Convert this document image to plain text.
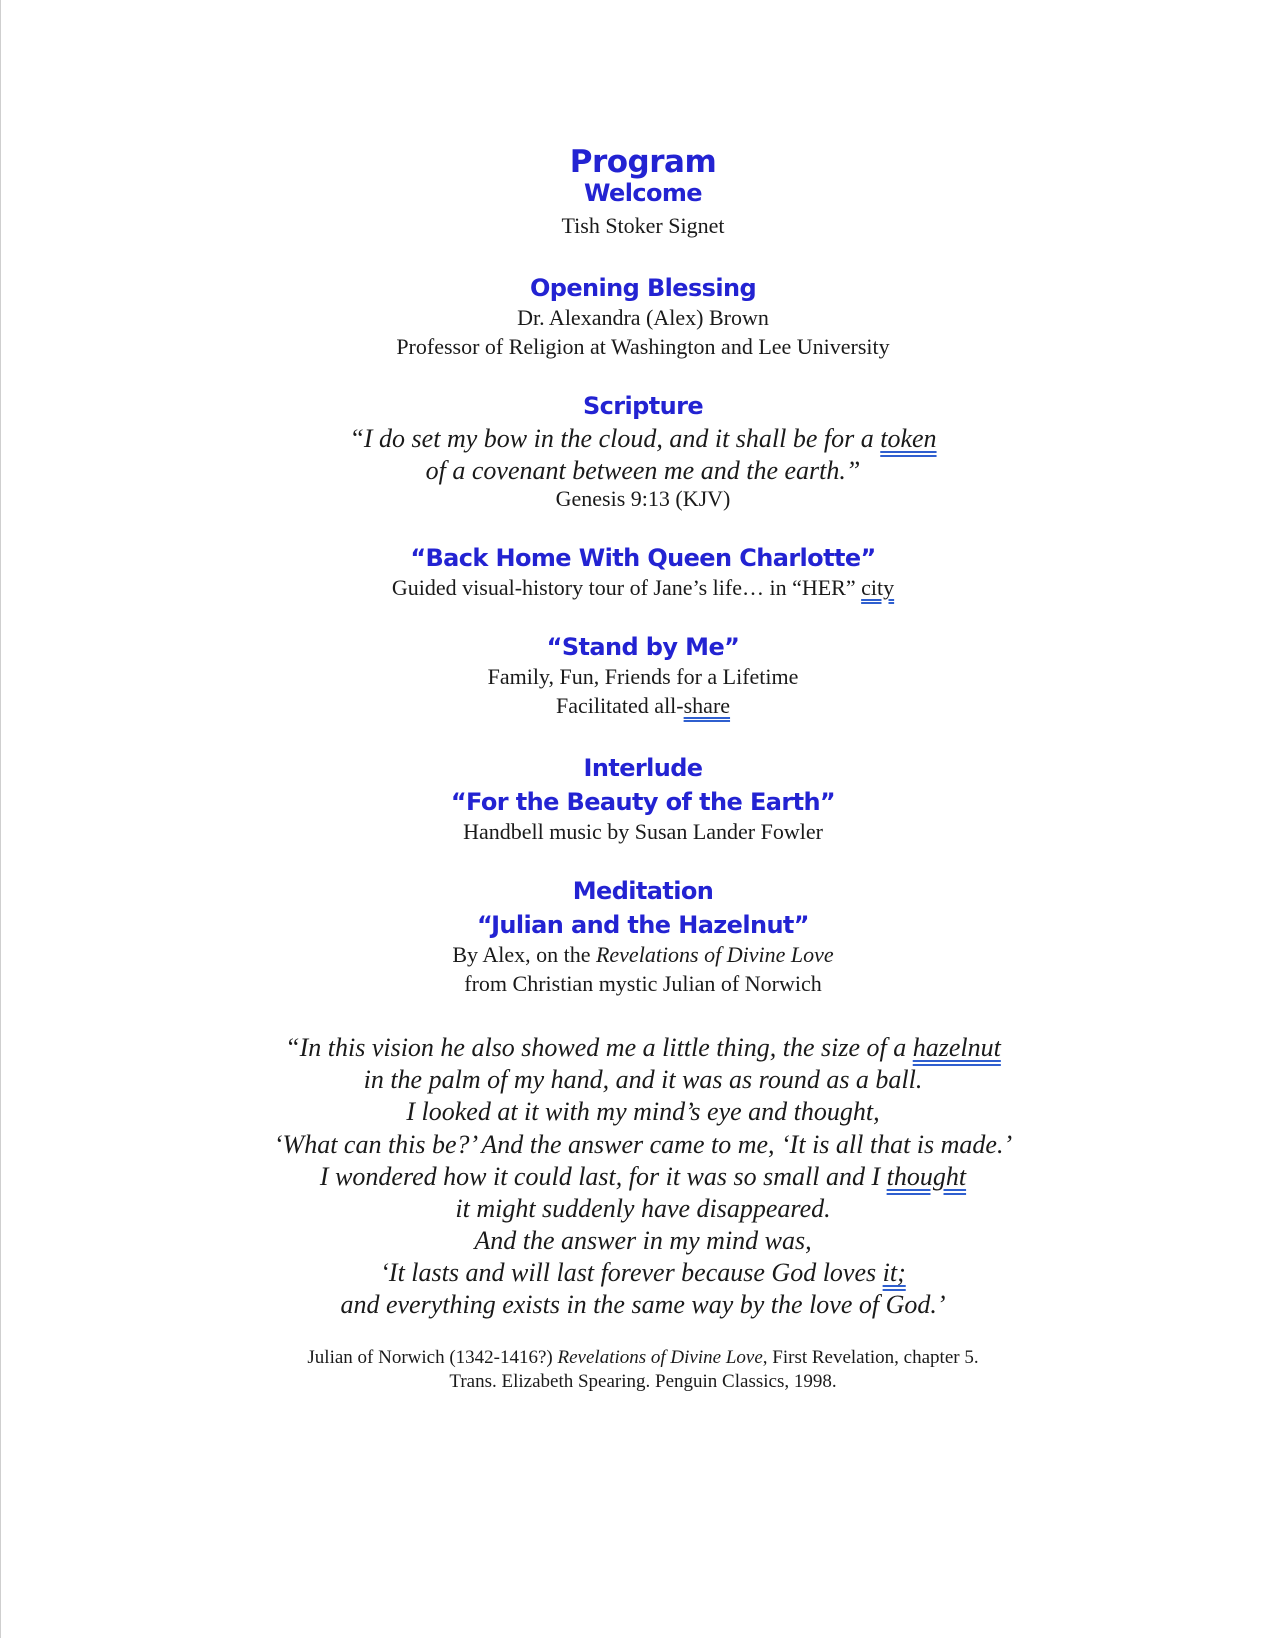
Program
Welcome
Tish Stoker Signet
Opening Blessing
Dr. Alexandra (Alex) Brown
Professor of Religion at Washington and Lee University
Scripture
“I do set my bow in the cloud, and it shall be for a token
of a covenant between me and the earth.”
Genesis 9:13 (KJV)
“Back Home With Queen Charlotte”
Guided visual-history tour of Jane’s life… in “HER” city
“Stand by Me”
Family, Fun, Friends for a Lifetime
Facilitated all-share
Interlude
“For the Beauty of the Earth”
Handbell music by Susan Lander Fowler
Meditation
“Julian and the Hazelnut”
By Alex, on the Revelations of Divine Love
from Christian mystic Julian of Norwich
“In this vision he also showed me a little thing, the size of a hazelnut
in the palm of my hand, and it was as round as a ball.
I looked at it with my mind’s eye and thought,
‘What can this be?’ And the answer came to me, ‘It is all that is made.’
I wondered how it could last, for it was so small and I thought
it might suddenly have disappeared.
And the answer in my mind was,
‘It lasts and will last forever because God loves it;
and everything exists in the same way by the love of God.’
Julian of Norwich (1342-1416?) Revelations of Divine Love, First Revelation, chapter 5.
Trans. Elizabeth Spearing. Penguin Classics, 1998.
